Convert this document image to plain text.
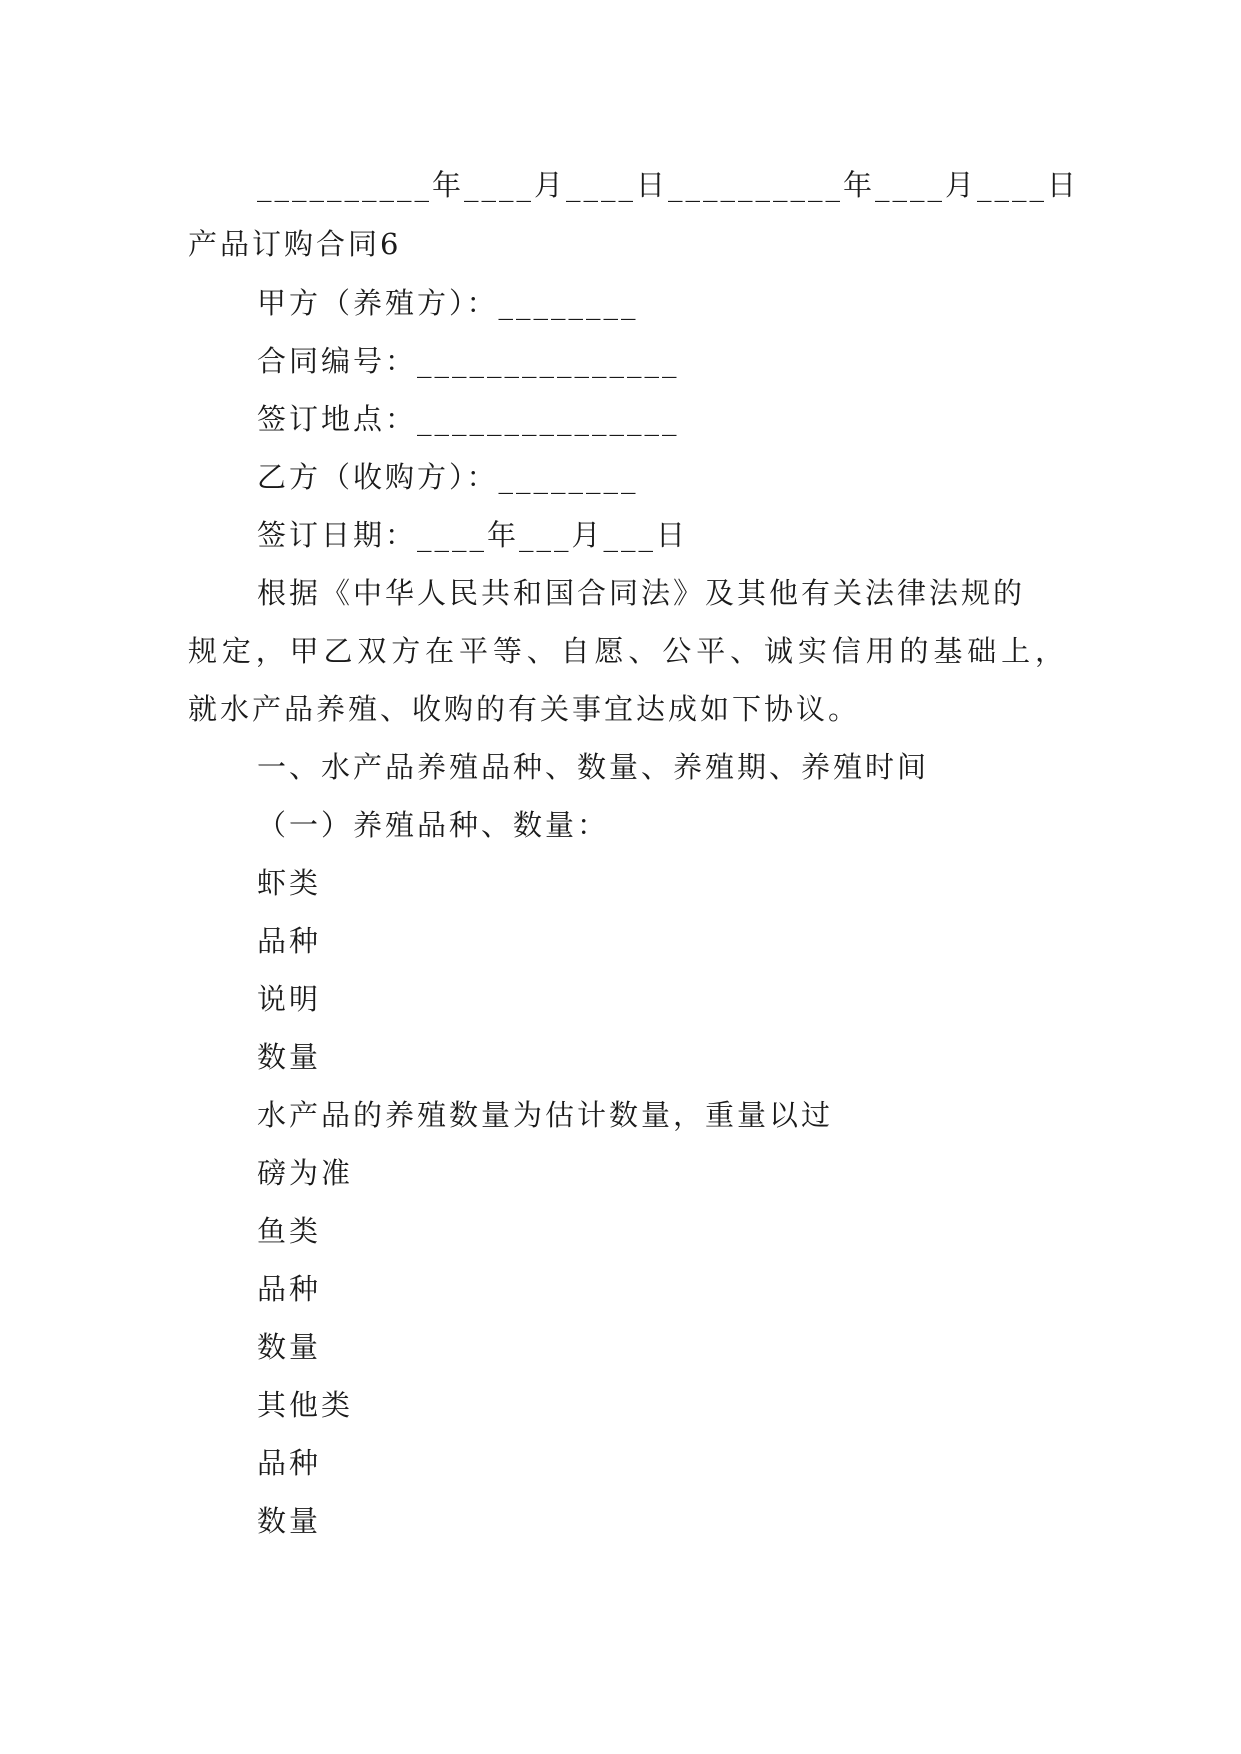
__________年____月____日__________年____月____日
产品订购合同6
甲方（养殖方）：________
合同编号：_______________
签订地点：_______________
乙方（收购方）：________
签订日期：____年___月___日
根据《中华人民共和国合同法》及其他有关法律法规的
规定，甲乙双方在平等、自愿、公平、诚实信用的基础上，
就水产品养殖、收购的有关事宜达成如下协议。
一、水产品养殖品种、数量、养殖期、养殖时间
（一）养殖品种、数量：
虾类
品种
说明
数量
水产品的养殖数量为估计数量，重量以过
磅为准
鱼类
品种
数量
其他类
品种
数量
